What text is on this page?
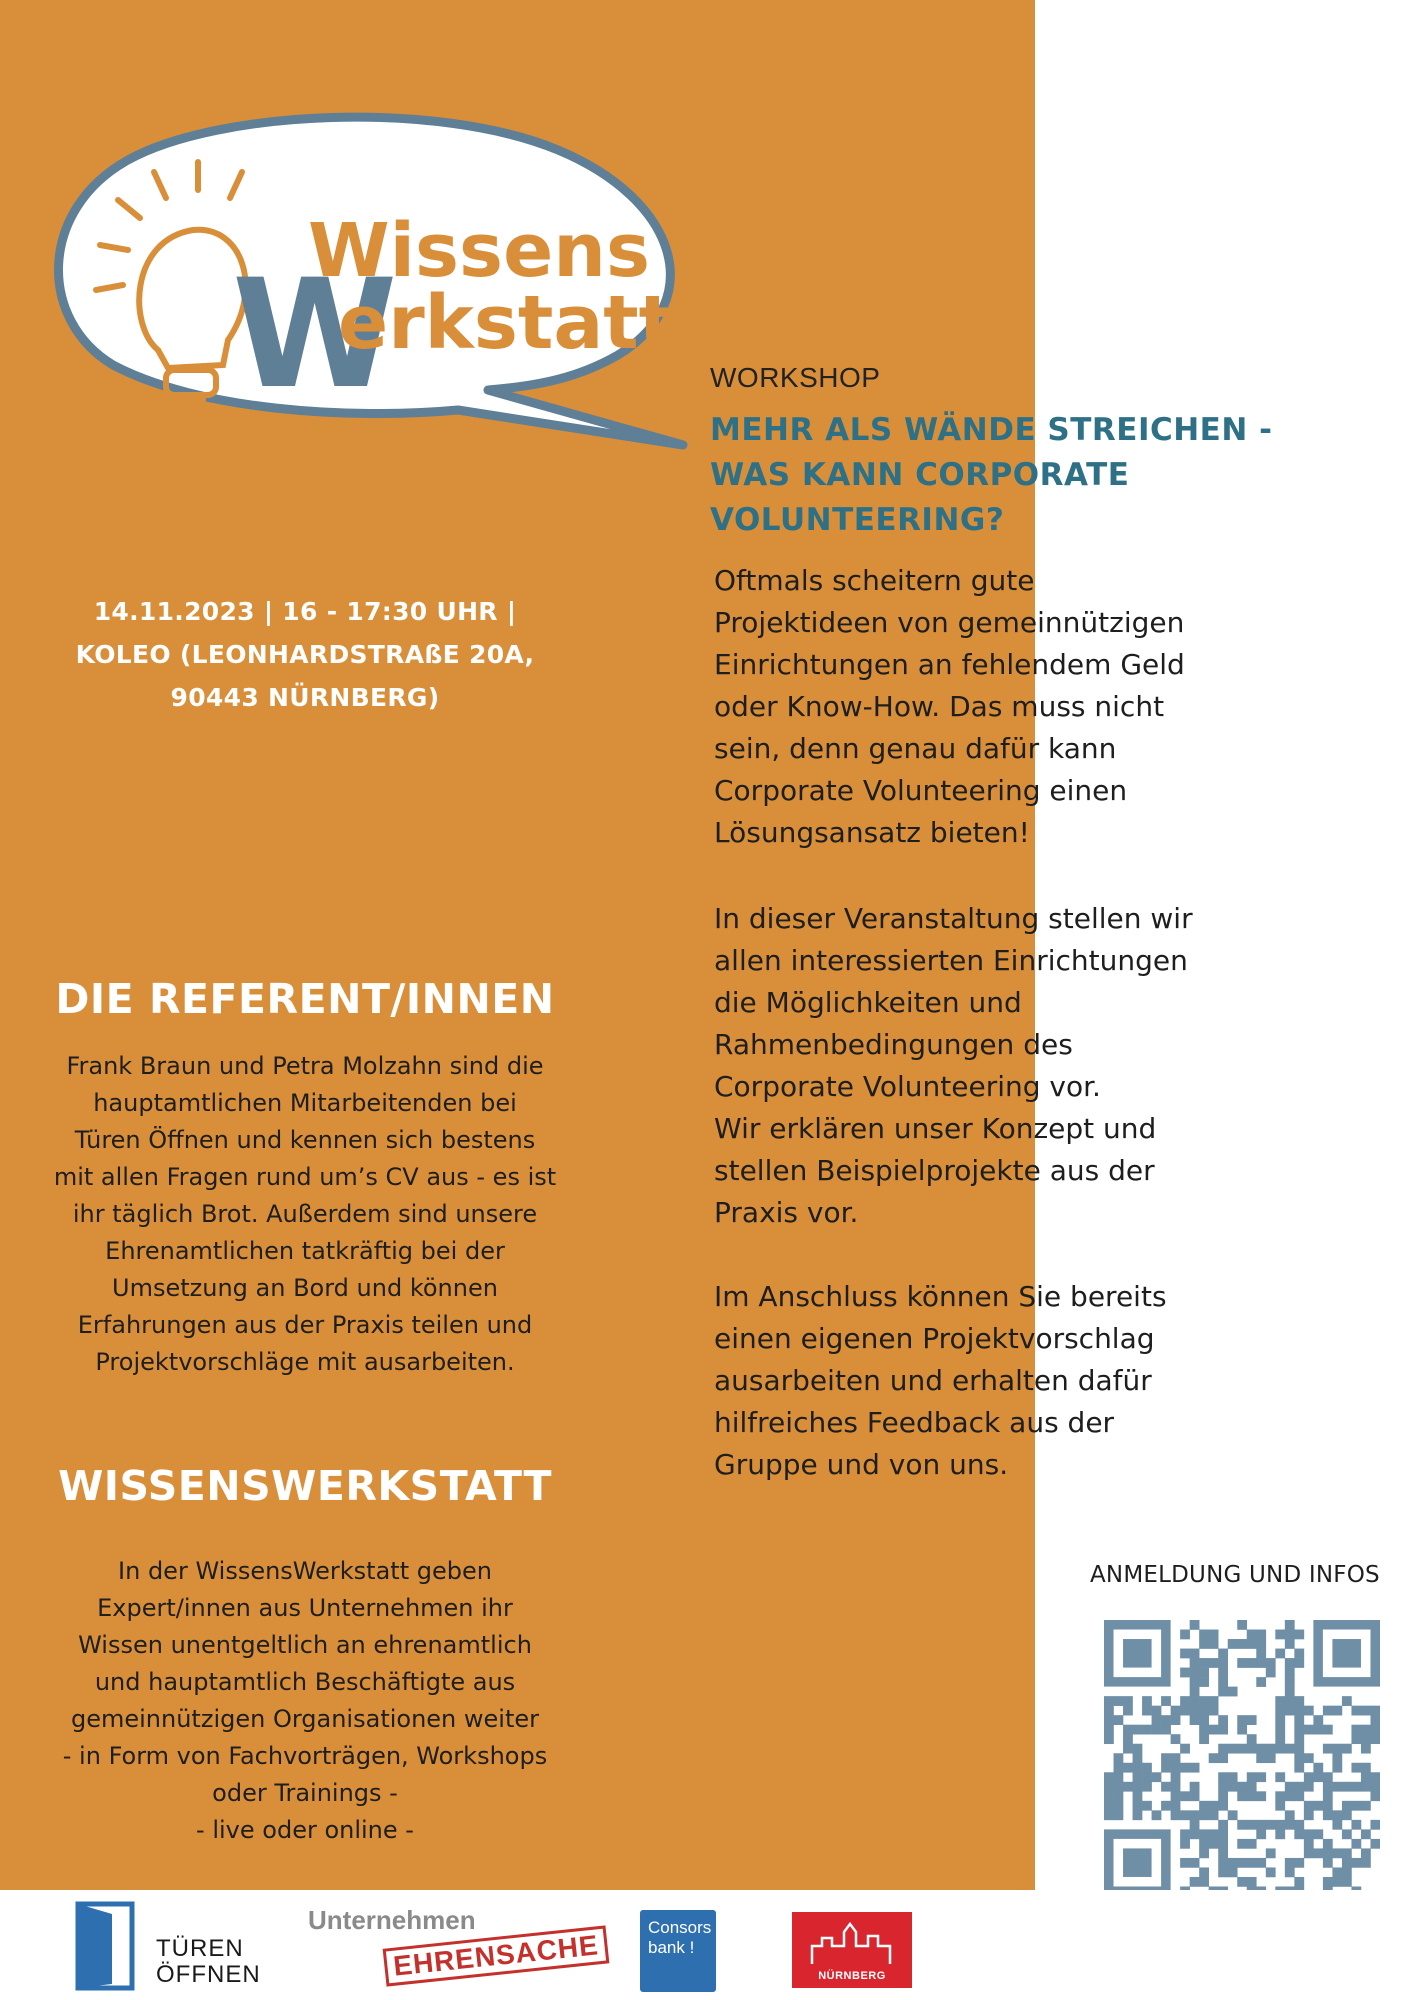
W
Wissens
erkstatt
WORKSHOP
MEHR ALS WÄNDE STREICHEN - WAS KANN CORPORATE VOLUNTEERING?
Oftmals scheitern gute
Projektideen von gemeinnützigen
Einrichtungen an fehlendem Geld
oder Know-How. Das muss nicht
sein, denn genau dafür kann
Corporate Volunteering einen
Lösungsansatz bieten!
In dieser Veranstaltung stellen wir
allen interessierten Einrichtungen
die Möglichkeiten und
Rahmenbedingungen des
Corporate Volunteering vor.
Wir erklären unser Konzept und
stellen Beispielprojekte aus der
Praxis vor.
Im Anschluss können Sie bereits
einen eigenen Projektvorschlag
ausarbeiten und erhalten dafür
hilfreiches Feedback aus der
Gruppe und von uns.
14.11.2023 | 16 - 17:30 UHR |
KOLEO (LEONHARDSTRAßE 20A,
90443 NÜRNBERG)
DIE REFERENT/INNEN
Frank Braun und Petra Molzahn sind die
hauptamtlichen Mitarbeitenden bei
Türen Öffnen und kennen sich bestens
mit allen Fragen rund um’s CV aus - es ist
ihr täglich Brot. Außerdem sind unsere
Ehrenamtlichen tatkräftig bei der
Umsetzung an Bord und können
Erfahrungen aus der Praxis teilen und
Projektvorschläge mit ausarbeiten.
WISSENSWERKSTATT
In der WissensWerkstatt geben
Expert/innen aus Unternehmen ihr
Wissen unentgeltlich an ehrenamtlich
und hauptamtlich Beschäftigte aus
gemeinnützigen Organisationen weiter
- in Form von Fachvorträgen, Workshops
oder Trainings -
- live oder online -
ANMELDUNG UND INFOS
TÜREN
ÖFFNEN
Unternehmen
EHRENSACHE
Consors
bank !
NÜRNBERG
